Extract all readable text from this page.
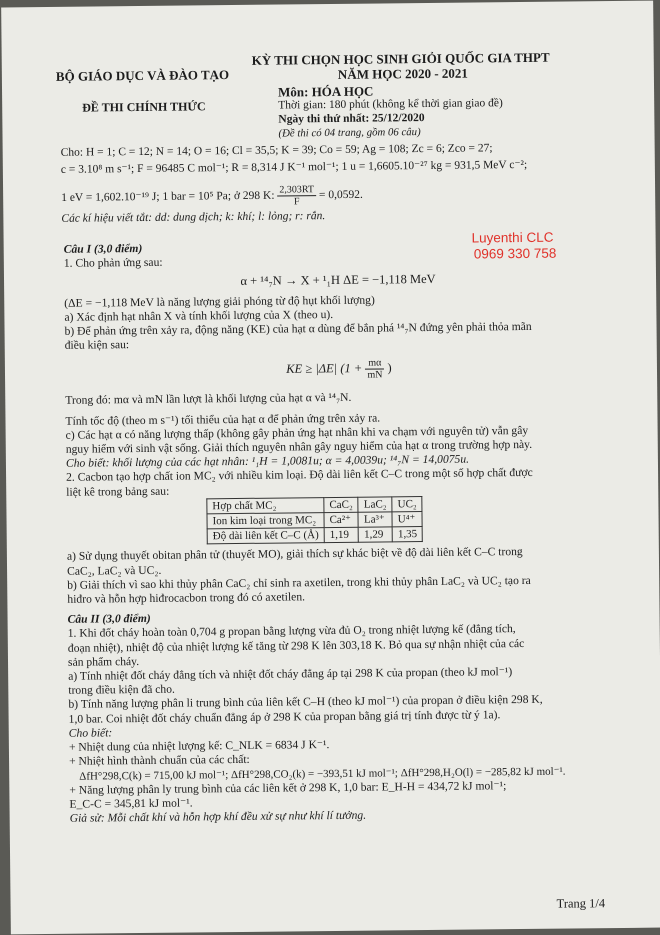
BỘ GIÁO DỤC VÀ ĐÀO TẠO
KỲ THI CHỌN HỌC SINH GIỎI QUỐC GIA THPT
NĂM HỌC 2020 - 2021
ĐỀ THI CHÍNH THỨC
Môn: HÓA HỌC
Thời gian: 180 phút (không kể thời gian giao đề)
Ngày thi thứ nhất: 25/12/2020
(Đề thi có 04 trang, gồm 06 câu)
Cho: H = 1; C = 12; N = 14; O = 16; Cl = 35,5; K = 39; Co = 59; Ag = 108; Zc = 6; Zco = 27;
c = 3.10⁸ m s⁻¹; F = 96485 C mol⁻¹; R = 8,314 J K⁻¹ mol⁻¹; 1 u = 1,6605.10⁻²⁷ kg = 931,5 MeV c⁻²;
1 eV = 1,602.10⁻¹⁹ J; 1 bar = 10⁵ Pa; ở 298 K: $\frac{2,303RT}{F} = 0,0592$.
Các kí hiệu viết tắt: dd: dung dịch; k: khí; l: lỏng; r: rắn.
Luyenthi CLC
0969 330 758

Câu I (3,0 điểm)

1. Cho phản ứng sau:

α + ¹⁴₇N → X + ¹₁H ΔE = −1,118 MeV

(ΔE = −1,118 MeV là năng lượng giải phóng từ độ hụt khối lượng)

a) Xác định hạt nhân X và tính khối lượng của X (theo u).

b) Để phản ứng trên xảy ra, động năng (KE) của hạt α dùng để bắn phá ¹⁴₇N đứng yên phải thỏa mãn

điều kiện sau:

KE ≥ |ΔE| ($1 + \frac{m\alpha}{mN}$ )

Trong đó: mα và mN lần lượt là khối lượng của hạt α và ¹⁴₇N.

Tính tốc độ (theo m s⁻¹) tối thiểu của hạt α để phản ứng trên xảy ra.

c) Các hạt α có năng lượng thấp (không gây phản ứng hạt nhân khi va chạm với nguyên tử) vẫn gây

nguy hiểm với sinh vật sống. Giải thích nguyên nhân gây nguy hiểm của hạt α trong trường hợp này.

Cho biết: khối lượng của các hạt nhân: ¹₁H = 1,0081u; α = 4,0039u; ¹⁴₇N = 14,0075u.

2. Cacbon tạo hợp chất ion MC₂ với nhiều kim loại. Độ dài liên kết C–C trong một số hợp chất được

liệt kê trong bảng sau:

Hợp chất MC₂	CaC₂	LaC₂	UC₂
Ion kim loại trong MC₂	Ca²⁺	La³⁺	U⁴⁺
Độ dài liên kết C–C (Å)	1,19	1,29	1,35

a) Sử dụng thuyết obitan phân tử (thuyết MO), giải thích sự khác biệt về độ dài liên kết C–C trong

CaC₂, LaC₂ và UC₂.

b) Giải thích vì sao khi thủy phân CaC₂ chỉ sinh ra axetilen, trong khi thủy phân LaC₂ và UC₂ tạo ra

hiđro và hỗn hợp hiđrocacbon trong đó có axetilen.

Câu II (3,0 điểm)

1. Khi đốt cháy hoàn toàn 0,704 g propan bằng lượng vừa đủ O₂ trong nhiệt lượng kế (đẳng tích,

đoạn nhiệt), nhiệt độ của nhiệt lượng kế tăng từ 298 K lên 303,18 K. Bỏ qua sự nhận nhiệt của các

sản phẩm cháy.

a) Tính nhiệt đốt cháy đẳng tích và nhiệt đốt cháy đẳng áp tại 298 K của propan (theo kJ mol⁻¹)

trong điều kiện đã cho.

b) Tính năng lượng phân li trung bình của liên kết C–H (theo kJ mol⁻¹) của propan ở điều kiện 298 K,

1,0 bar. Coi nhiệt đốt cháy chuẩn đẳng áp ở 298 K của propan bằng giá trị tính được từ ý 1a).

Cho biết:

+ Nhiệt dung của nhiệt lượng kế: C_NLK = 6834 J K⁻¹.

+ Nhiệt hình thành chuẩn của các chất:

ΔfH°298,C(k) = 715,00 kJ mol⁻¹; ΔfH°298,CO₂(k) = −393,51 kJ mol⁻¹; ΔfH°298,H₂O(l) = −285,82 kJ mol⁻¹.

+ Năng lượng phân ly trung bình của các liên kết ở 298 K, 1,0 bar: E_H-H = 434,72 kJ mol⁻¹;

E_C-C = 345,81 kJ mol⁻¹.

Giả sử: Mỗi chất khí và hỗn hợp khí đều xử sự như khí lí tưởng.

Trang 1/4
